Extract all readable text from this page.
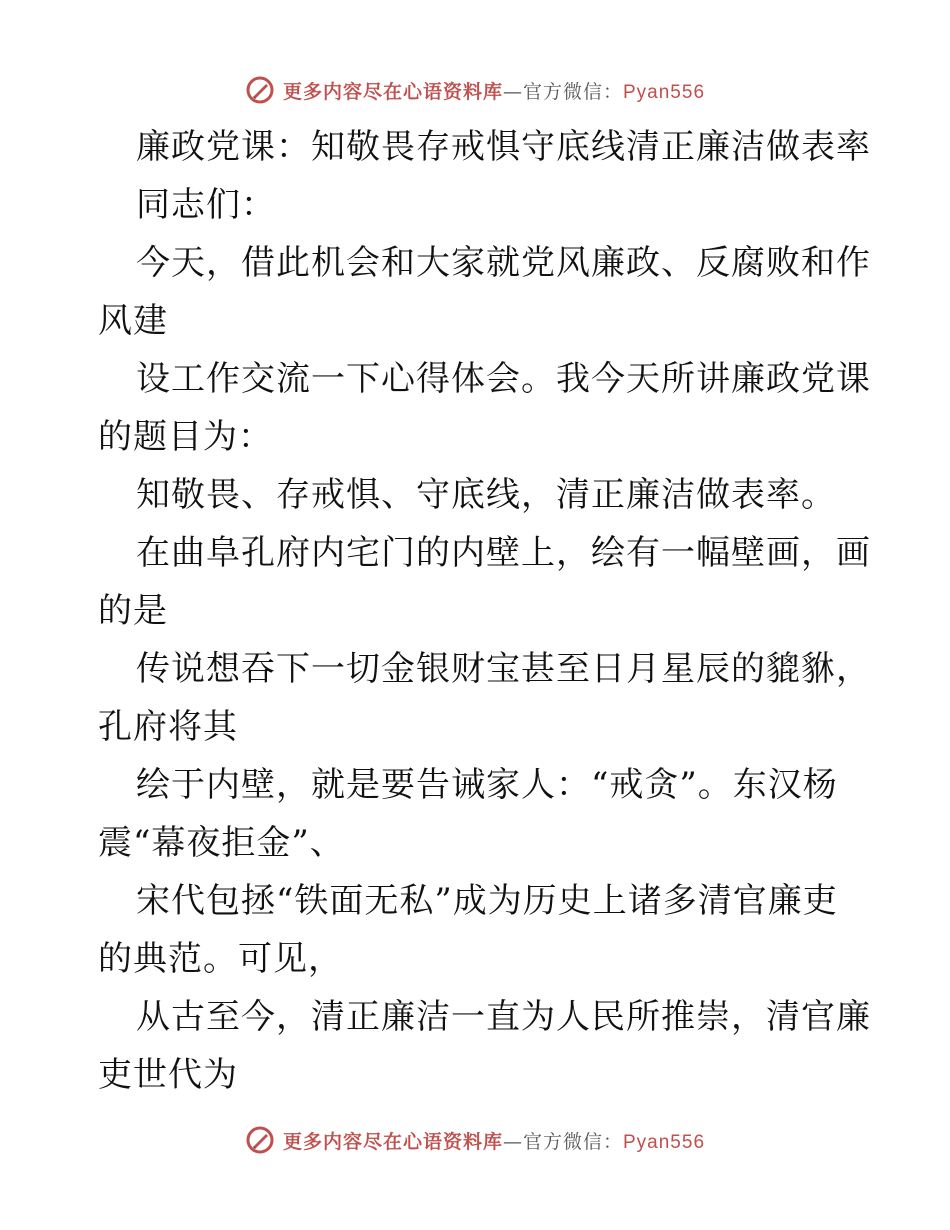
更多内容尽在心语资料库—官方微信：Pyan556
廉政党课：知敬畏存戒惧守底线清正廉洁做表率
同志们：
今天，借此机会和大家就党风廉政、反腐败和作
风建
设工作交流一下心得体会。我今天所讲廉政党课
的题目为：
知敬畏、存戒惧、守底线，清正廉洁做表率。
在曲阜孔府内宅门的内壁上，绘有一幅壁画，画
的是
传说想吞下一切金银财宝甚至日月星辰的貔貅，
孔府将其
绘于内壁，就是要告诫家人：“戒贪”。东汉杨
震“幕夜拒金”、
宋代包拯“铁面无私”成为历史上诸多清官廉吏
的典范。可见，
从古至今，清正廉洁一直为人民所推崇，清官廉
吏世代为
更多内容尽在心语资料库—官方微信：Pyan556
